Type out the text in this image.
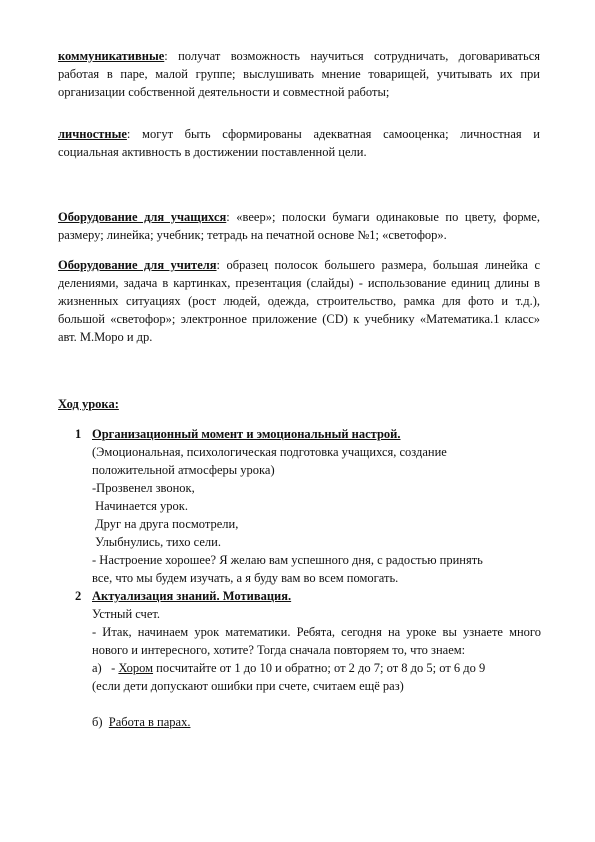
коммуникативные: получат возможность научиться сотрудничать, договариваться работая в паре, малой группе; выслушивать мнение товарищей, учитывать их при организации собственной деятельности и совместной работы;
личностные: могут быть сформированы адекватная самооценка; личностная и социальная активность в достижении поставленной цели.
Оборудование для учащихся: «веер»; полоски бумаги одинаковые по цвету, форме, размеру; линейка; учебник; тетрадь на печатной основе №1; «светофор».
Оборудование для учителя: образец полосок большего размера, большая линейка с делениями, задача в картинках, презентация (слайды) - использование единиц длины в жизненных ситуациях (рост людей, одежда, строительство, рамка для фото и т.д.), большой «светофор»; электронное приложение (CD) к учебнику «Математика.1 класс» авт. М.Моро и др.
Ход урока:
1 Организационный момент и эмоциональный настрой.
(Эмоциональная, психологическая подготовка учащихся, создание
положительной атмосферы урока)
-Прозвенел звонок,
Начинается урок.
Друг на друга посмотрели,
Улыбнулись, тихо сели.
- Настроение хорошее? Я желаю вам успешного дня, с радостью принять
все, что мы будем изучать, а я буду вам во всем помогать.
2 Актуализация знаний. Мотивация.
Устный счет.
- Итак, начинаем урок математики. Ребята, сегодня на уроке вы узнаете много нового и интересного, хотите? Тогда сначала повторяем то, что знаем:
а)   - Хором посчитайте от 1 до 10 и обратно; от 2 до 7; от 8 до 5; от 6 до 9
(если дети допускают ошибки при счете, считаем ещё раз)
б)  Работа в парах.
